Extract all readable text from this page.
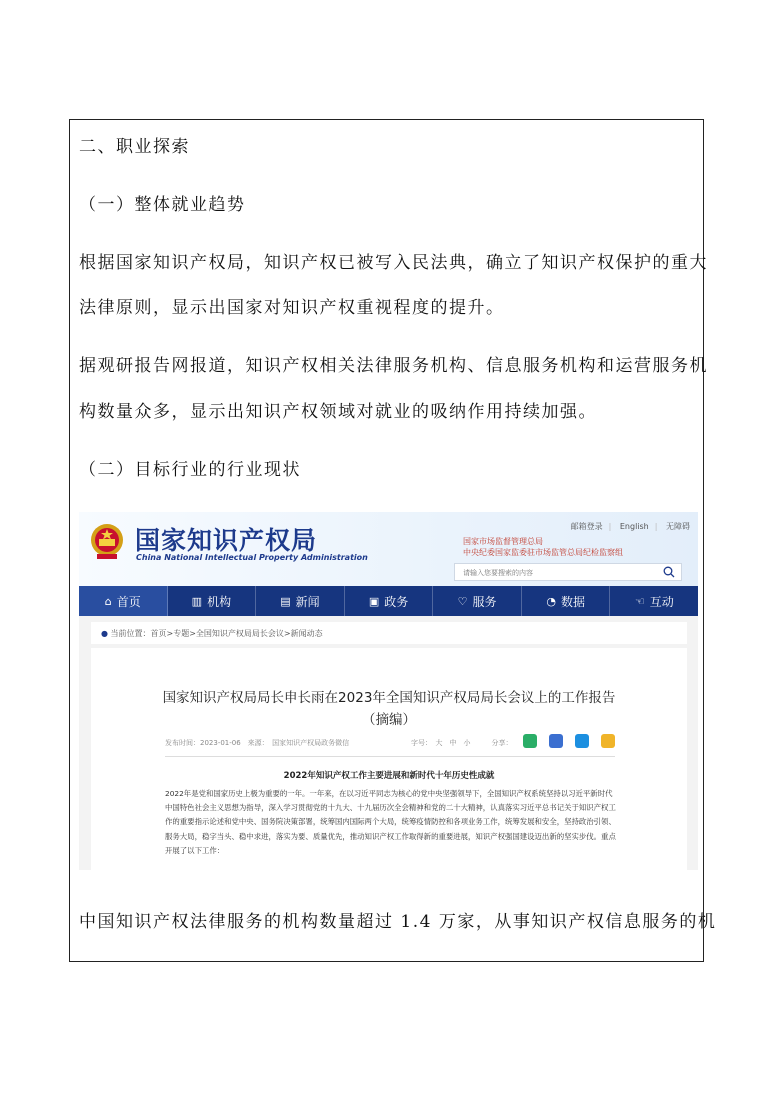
二、职业探索
（一）整体就业趋势
根据国家知识产权局，知识产权已被写入民法典，确立了知识产权保护的重大
法律原则，显示出国家对知识产权重视程度的提升。
据观研报告网报道，知识产权相关法律服务机构、信息服务机构和运营服务机
构数量众多，显示出知识产权领域对就业的吸纳作用持续加强。
（二）目标行业的行业现状
国家知识产权局
China National Intellectual Property Administration
邮箱登录 | English | 无障碍
国家市场监督管理总局
中央纪委国家监委驻市场监管总局纪检监察组
请输入您要搜索的内容
⌂ 首页	▥ 机构	▤ 新闻	▣ 政务	♡ 服务	◔ 数据	☜ 互动
● 当前位置：首页>专题>全国知识产权局局长会议>新闻动态
国家知识产权局局长申长雨在2023年全国知识产权局局长会议上的工作报告
（摘编）
发布时间：2023-01-06　来源：　国家知识产权局政务微信	字号：　大　中　小　　　分享：
2022年知识产权工作主要进展和新时代十年历史性成就
2022年是党和国家历史上极为重要的一年。一年来，在以习近平同志为核心的党中央坚强领导下，全国知识产权系统坚持以习近平新时代中国特色社会主义思想为指导，深入学习贯彻党的十九大、十九届历次全会精神和党的二十大精神，认真落实习近平总书记关于知识产权工作的重要指示论述和党中央、国务院决策部署，统筹国内国际两个大局，统筹疫情防控和各项业务工作，统筹发展和安全，坚持政治引领、服务大局，稳字当头、稳中求进，落实为要、质量优先，推动知识产权工作取得新的重要进展，知识产权强国建设迈出新的坚实步伐。重点开展了以下工作：
中国知识产权法律服务的机构数量超过 1.4 万家，从事知识产权信息服务的机
